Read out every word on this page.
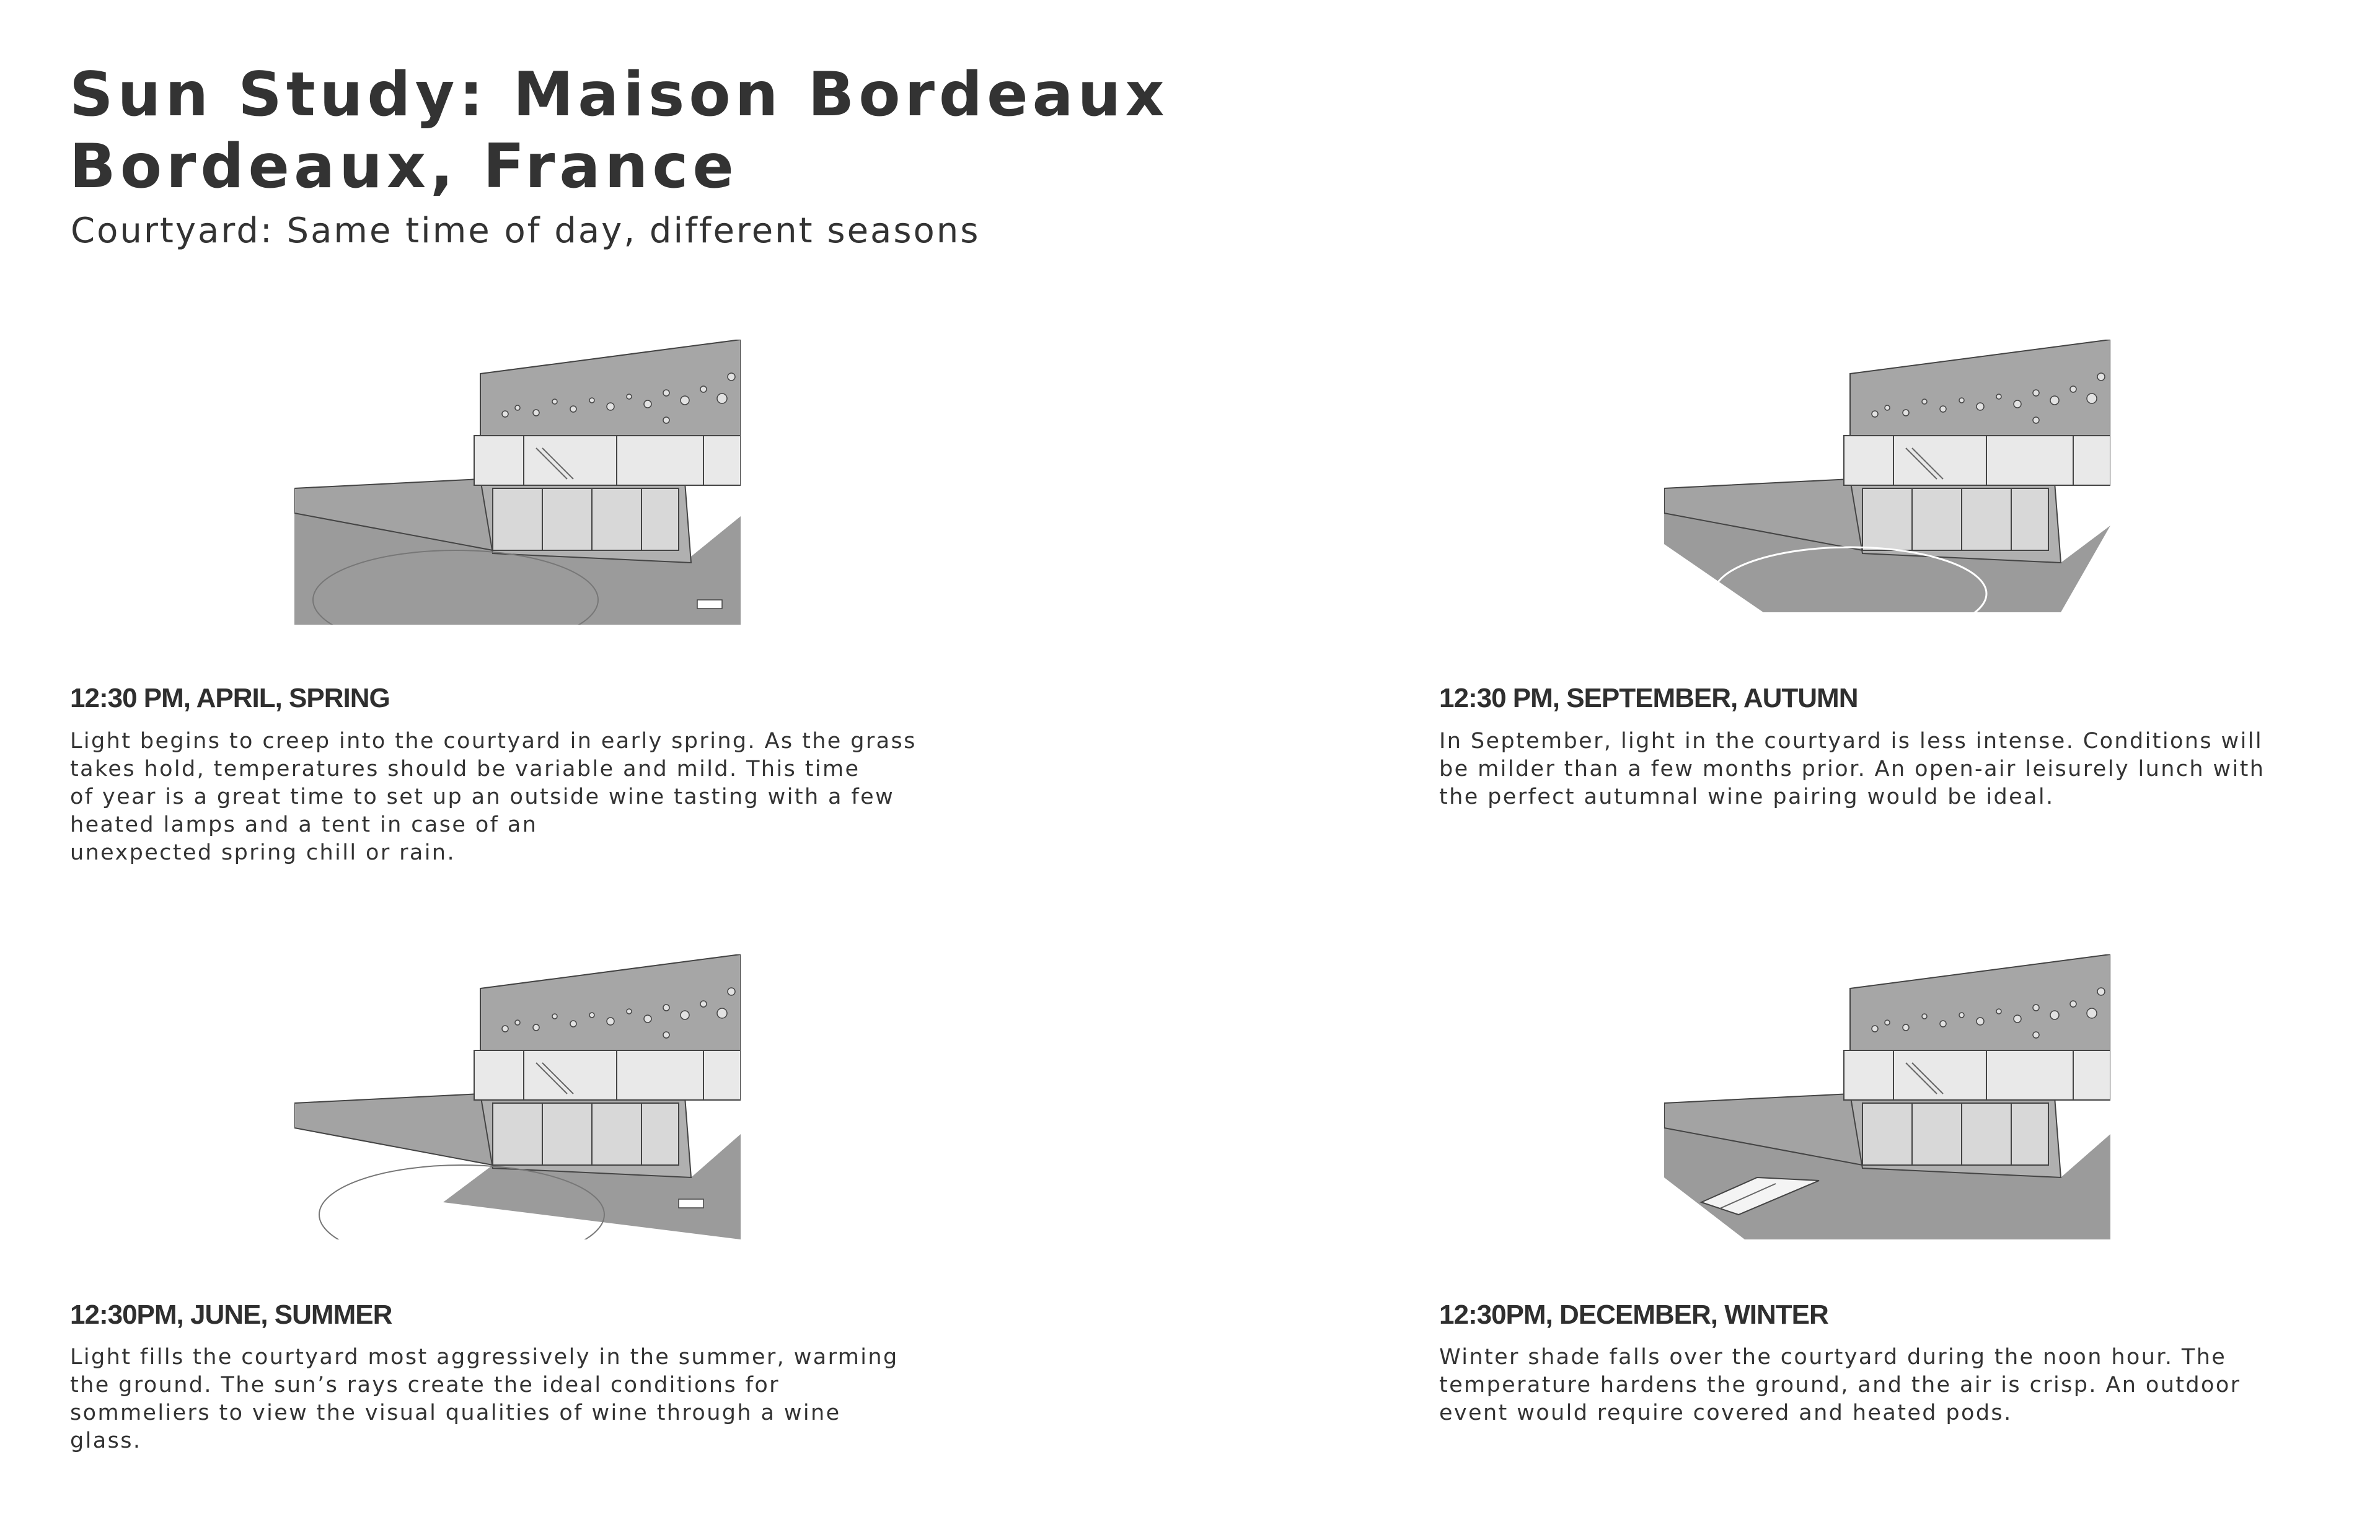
Sun Study: Maison Bordeaux
Bordeaux, France
Courtyard: Same time of day, different seasons
12:30 PM, APRIL, SPRING
Light begins to creep into the courtyard in early spring. As the grass
takes hold, temperatures should be variable and mild. This time
of year is a great time to set up an outside wine tasting with a few
heated lamps and a tent in case of an
unexpected spring chill or rain.
12:30 PM, SEPTEMBER, AUTUMN
In September, light in the courtyard is less intense. Conditions will
be milder than a few months prior. An open-air leisurely lunch with
the perfect autumnal wine pairing would be ideal.
12:30PM, JUNE, SUMMER
Light fills the courtyard most aggressively in the summer, warming
the ground. The sun’s rays create the ideal conditions for
sommeliers to view the visual qualities of wine through a wine
glass.
12:30PM, DECEMBER, WINTER
Winter shade falls over the courtyard during the noon hour. The
temperature hardens the ground, and the air is crisp. An outdoor
event would require covered and heated pods.
